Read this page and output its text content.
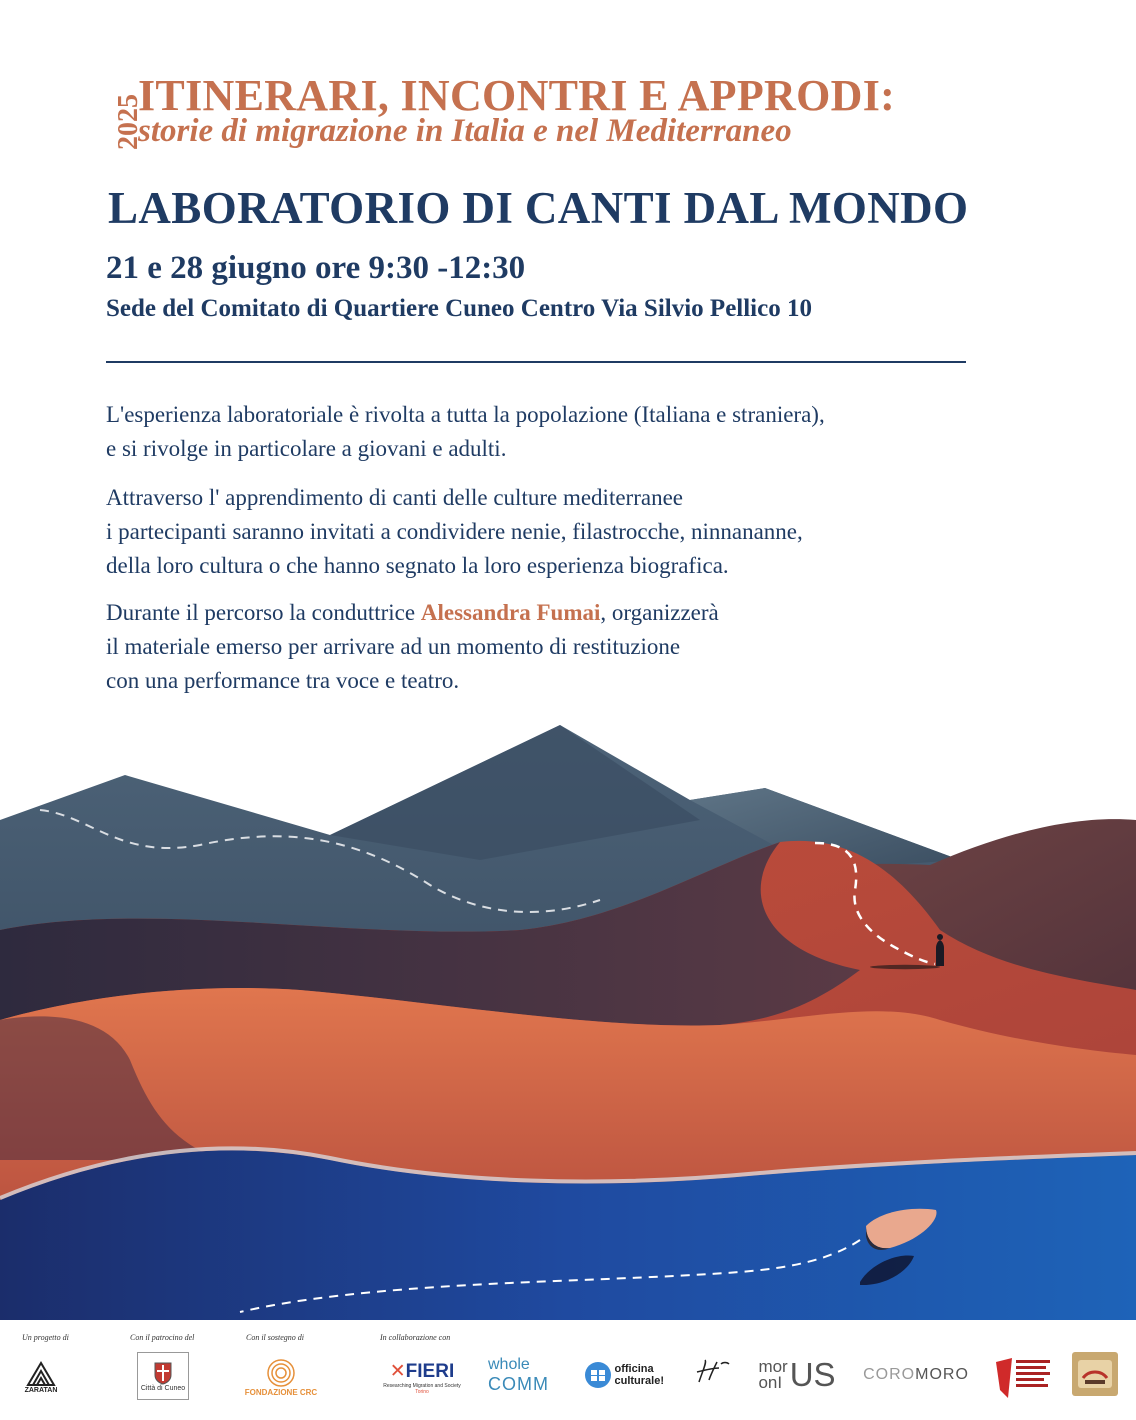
2025
ITINERARI, INCONTRI E APPRODI:
storie di migrazione in Italia e nel Mediterraneo
LABORATORIO DI CANTI DAL MONDO
21 e 28 giugno ore 9:30 -12:30
Sede del Comitato di Quartiere Cuneo Centro Via Silvio Pellico 10
L'esperienza laboratoriale è rivolta a tutta la popolazione (Italiana e straniera),
e si rivolge in particolare a giovani e adulti.
Attraverso l' apprendimento di canti delle culture mediterranee
i partecipanti saranno invitati a condividere nenie, filastrocche, ninnananne,
della loro cultura o che hanno segnato la loro esperienza biografica.
Durante il percorso la conduttrice Alessandra Fumai, organizzerà
il materiale emerso per arrivare ad un momento di restituzione
con una performance tra voce e teatro.
Un progetto di	Con il patrocino del	Con il sostegno di	In collaborazione con
ZARATAN	Città di Cuneo	FONDAZIONE CRC
✕FIERI
Researching Migration and Society
Torino
whole
COMM
officina culturale!
mor
onI US CORO MORO
